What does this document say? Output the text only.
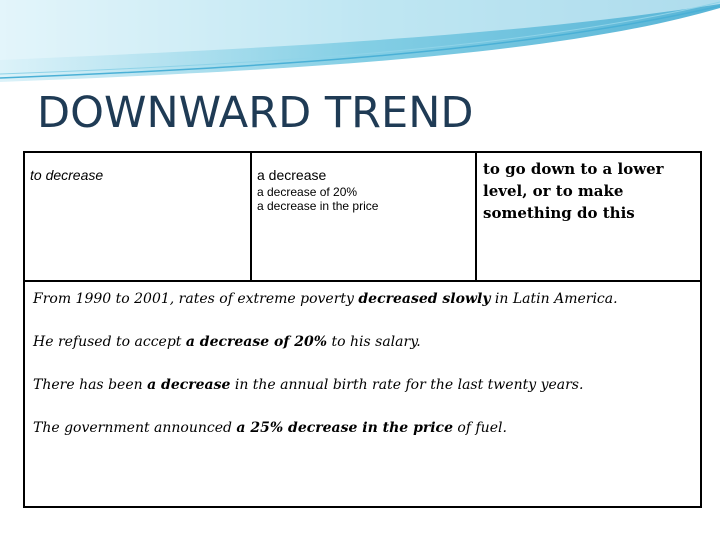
DOWNWARD TREND
to decrease	a decrease
a decrease of 20%
a decrease in the price
to go down to a lower level, or to make something do this
From 1990 to 2001, rates of extreme poverty decreased slowly in Latin America.
He refused to accept a decrease of 20% to his salary.
There has been a decrease in the annual birth rate for the last twenty years.
The government announced a 25% decrease in the price of fuel.
